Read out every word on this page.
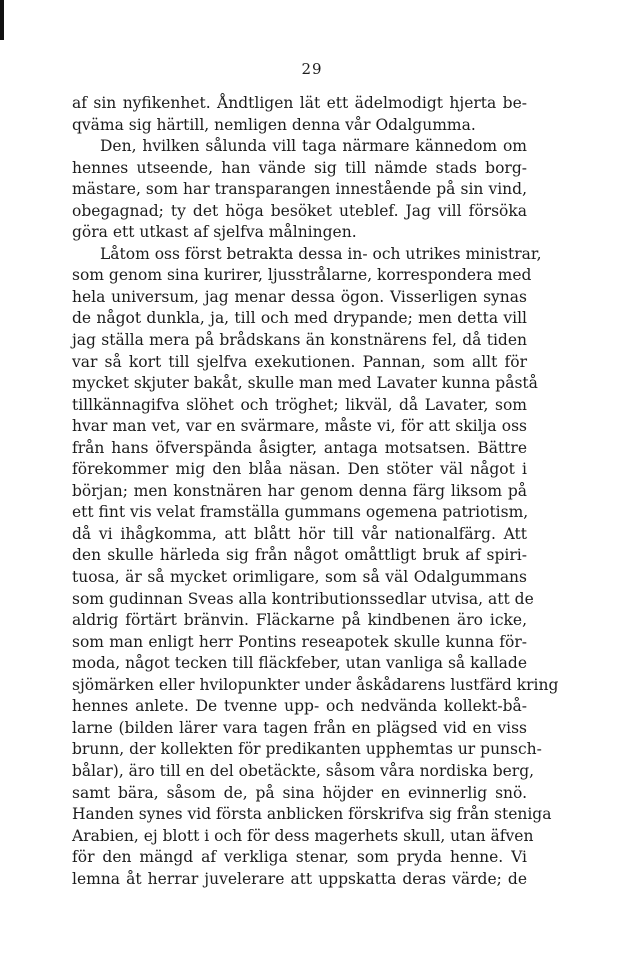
29
af sin nyfikenhet. Åndtligen lät ett ädelmodigt hjerta be-
qväma sig härtill, nemligen denna vår Odalgumma.
Den, hvilken sålunda vill taga närmare kännedom om
hennes utseende, han vände sig till nämde stads borg-
mästare, som har transparangen innestående på sin vind,
obegagnad; ty det höga besöket uteblef. Jag vill försöka
göra ett utkast af sjelfva målningen.
Låtom oss först betrakta dessa in- och utrikes ministrar,
som genom sina kurirer, ljusstrålarne, korrespondera med
hela universum, jag menar dessa ögon. Visserligen synas
de något dunkla, ja, till och med drypande; men detta vill
jag ställa mera på brådskans än konstnärens fel, då tiden
var så kort till sjelfva exekutionen. Pannan, som allt för
mycket skjuter bakåt, skulle man med Lavater kunna påstå
tillkännagifva slöhet och tröghet; likväl, då Lavater, som
hvar man vet, var en svärmare, måste vi, för att skilja oss
från hans öfverspända åsigter, antaga motsatsen. Bättre
förekommer mig den blåa näsan. Den stöter väl något i
början; men konstnären har genom denna färg liksom på
ett fint vis velat framställa gummans ogemena patriotism,
då vi ihågkomma, att blått hör till vår nationalfärg. Att
den skulle härleda sig från något omåttligt bruk af spiri-
tuosa, är så mycket orimligare, som så väl Odalgummans
som gudinnan Sveas alla kontributionssedlar utvisa, att de
aldrig förtärt bränvin. Fläckarne på kindbenen äro icke,
som man enligt herr Pontins reseapotek skulle kunna för-
moda, något tecken till fläckfeber, utan vanliga så kallade
sjömärken eller hvilopunkter under åskådarens lustfärd kring
hennes anlete. De tvenne upp- och nedvända kollekt-bå-
larne (bilden lärer vara tagen från en plägsed vid en viss
brunn, der kollekten för predikanten upphemtas ur punsch-
bålar), äro till en del obetäckte, såsom våra nordiska berg,
samt bära, såsom de, på sina höjder en evinnerlig snö.
Handen synes vid första anblicken förskrifva sig från steniga
Arabien, ej blott i och för dess magerhets skull, utan äfven
för den mängd af verkliga stenar, som pryda henne. Vi
lemna åt herrar juvelerare att uppskatta deras värde; de
